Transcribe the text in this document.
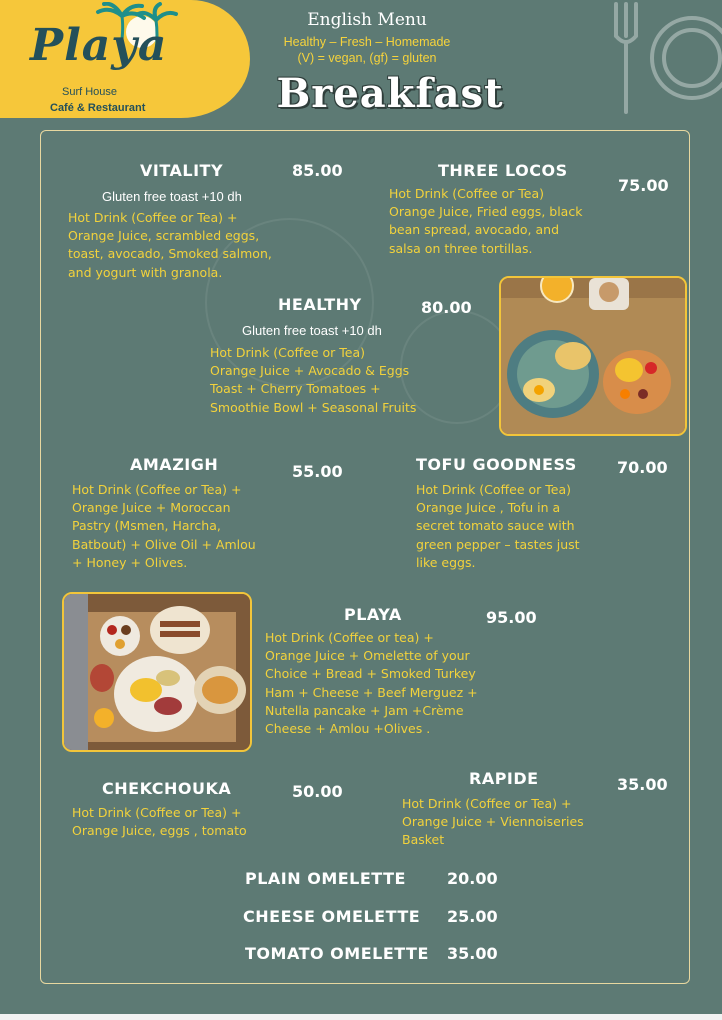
Playa
Surf House
Café & Restaurant
English Menu
Healthy – Fresh – Homemade
(V) = vegan, (gf) = gluten
Breakfast
VITALITY	85.00
Gluten free toast +10 dh
Hot Drink (Coffee or Tea) +
Orange Juice, scrambled eggs,
toast, avocado, Smoked salmon,
and yogurt with granola.
THREE LOCOS
75.00
Hot Drink (Coffee or Tea)
Orange Juice, Fried eggs, black
bean spread, avocado, and
salsa on three tortillas.
HEALTHY	80.00
Gluten free toast +10 dh
Hot Drink (Coffee or Tea)
Orange Juice + Avocado & Eggs
Toast + Cherry Tomatoes +
Smoothie Bowl + Seasonal Fruits
AMAZIGH	55.00
Hot Drink (Coffee or Tea) +
Orange Juice + Moroccan
Pastry (Msmen, Harcha,
Batbout) + Olive Oil + Amlou
+ Honey + Olives.
TOFU GOODNESS	70.00
Hot Drink (Coffee or Tea)
Orange Juice , Tofu in a
secret tomato sauce with
green pepper – tastes just
like eggs.
PLAYA	95.00
Hot Drink (Coffee or tea) +
Orange Juice + Omelette of your
Choice + Bread + Smoked Turkey
Ham + Cheese + Beef Merguez +
Nutella pancake + Jam +Crème
Cheese + Amlou +Olives .
CHEKCHOUKA	50.00
Hot Drink (Coffee or Tea) +
Orange Juice, eggs , tomato
RAPIDE	35.00
Hot Drink (Coffee or Tea) +
Orange Juice + Viennoiseries
Basket
PLAIN OMELETTE	20.00
CHEESE OMELETTE 25.00
TOMATO OMELETTE 35.00
